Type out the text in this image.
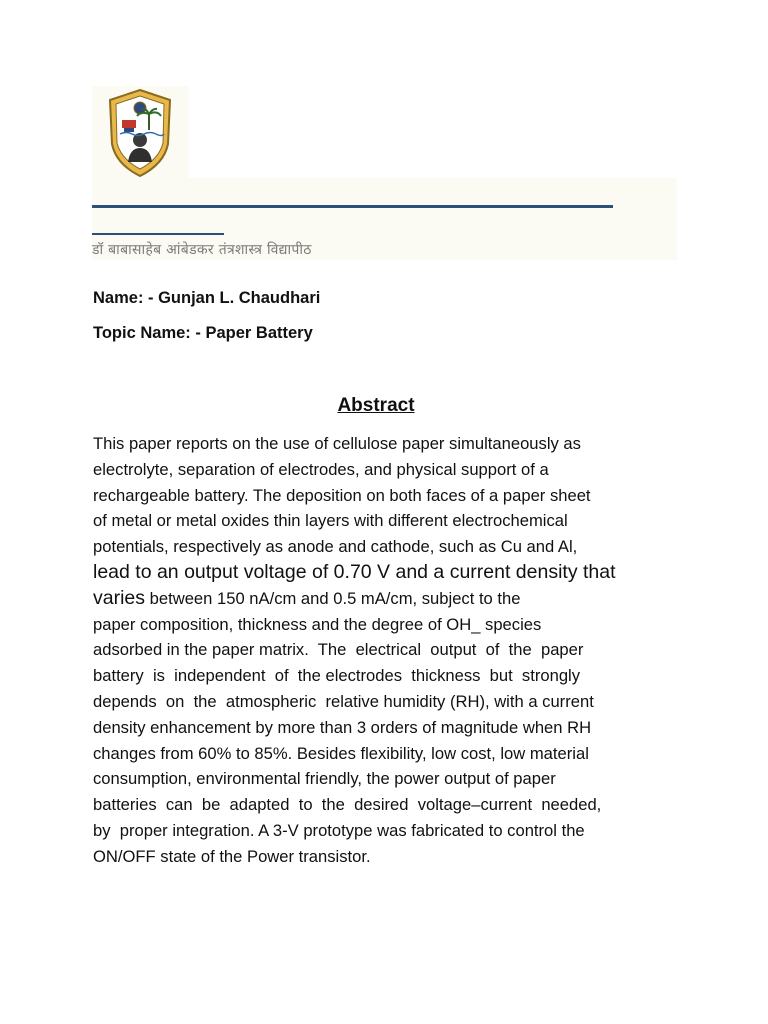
डॉ बाबासाहेब आंबेडकर तंत्रशास्त्र विद्यापीठ
Name: - Gunjan L. Chaudhari
Topic Name: - Paper Battery
Abstract
This paper reports on the use of cellulose paper simultaneously as
electrolyte, separation of electrodes, and physical support of a
rechargeable battery. The deposition on both faces of a paper sheet
of metal or metal oxides thin layers with different electrochemical
potentials, respectively as anode and cathode, such as Cu and Al,
lead to an output voltage of 0.70 V and a current density that
varies between 150 nA/cm and 0.5 mA/cm, subject to the
paper composition, thickness and the degree of OH_ species
adsorbed in the paper matrix.  The  electrical  output  of  the  paper
battery  is  independent  of  the electrodes  thickness  but  strongly
depends  on  the  atmospheric  relative humidity (RH), with a current
density enhancement by more than 3 orders of magnitude when RH
changes from 60% to 85%. Besides flexibility, low cost, low material
consumption, environmental friendly, the power output of paper
batteries  can  be  adapted  to  the  desired  voltage–current  needed,
by  proper integration. A 3-V prototype was fabricated to control the
ON/OFF state of the Power transistor.
